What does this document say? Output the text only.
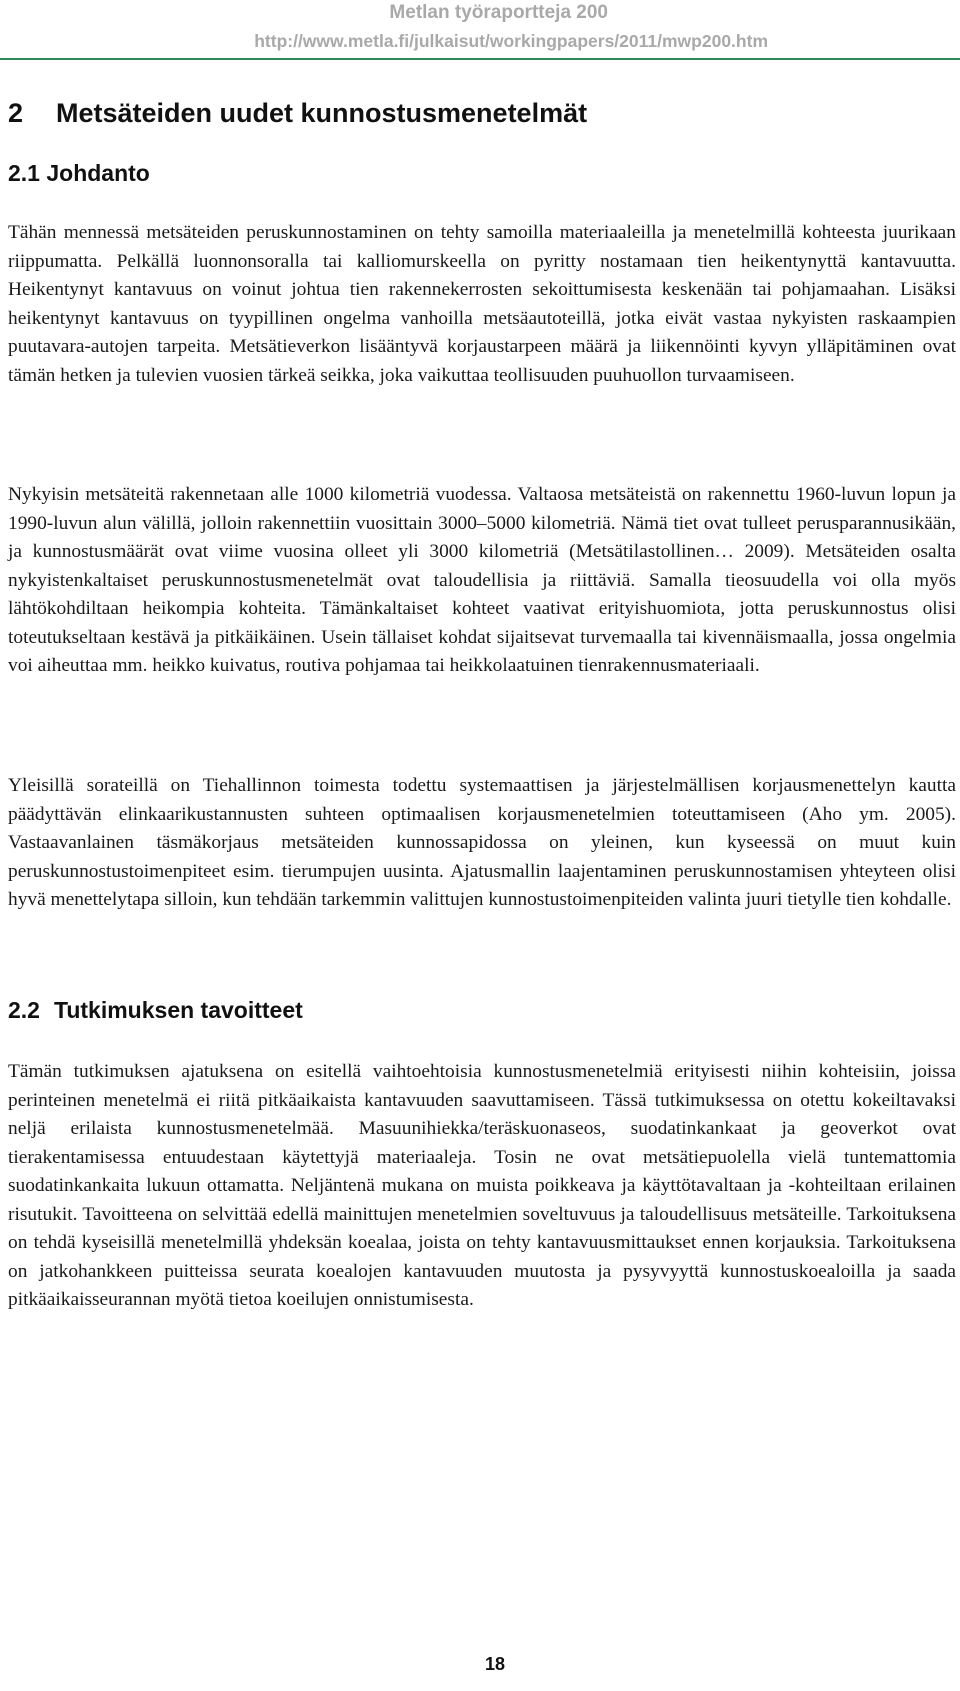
Metlan työraportteja 200
http://www.metla.fi/julkaisut/workingpapers/2011/mwp200.htm
2 Metsäteiden uudet kunnostusmenetelmät
2.1 Johdanto

Tähän mennessä metsäteiden peruskunnostaminen on tehty samoilla materiaaleilla ja menetelmillä kohteesta juurikaan riippumatta. Pelkällä luonnonsoralla tai kalliomurskeella on pyritty nostamaan tien heikentynyttä kantavuutta. Heikentynyt kantavuus on voinut johtua tien rakennekerrosten sekoittumisesta keskenään tai pohjamaahan. Lisäksi heikentynyt kantavuus on tyypillinen ongelma vanhoilla metsäautoteillä, jotka eivät vastaa nykyisten raskaampien puutavara-autojen tarpeita. Metsätieverkon lisääntyvä korjaustarpeen määrä ja liikennöinti kyvyn ylläpitäminen ovat tämän hetken ja tulevien vuosien tärkeä seikka, joka vaikuttaa teollisuuden puuhuollon turvaamiseen.

Nykyisin metsäteitä rakennetaan alle 1000 kilometriä vuodessa. Valtaosa metsäteistä on rakennettu 1960-luvun lopun ja 1990-luvun alun välillä, jolloin rakennettiin vuosittain 3000–5000 kilometriä. Nämä tiet ovat tulleet perusparannusikään, ja kunnostusmäärät ovat viime vuosina olleet yli 3000 kilometriä (Metsätilastollinen… 2009). Metsäteiden osalta nykyistenkaltaiset peruskunnostusmenetelmät ovat taloudellisia ja riittäviä. Samalla tieosuudella voi olla myös lähtökohdiltaan heikompia kohteita. Tämänkaltaiset kohteet vaativat erityishuomiota, jotta peruskunnostus olisi toteutukseltaan kestävä ja pitkäikäinen. Usein tällaiset kohdat sijaitsevat turvemaalla tai kivennäismaalla, jossa ongelmia voi aiheuttaa mm. heikko kuivatus, routiva pohjamaa tai heikkolaatuinen tienrakennusmateriaali.

Yleisillä sorateillä on Tiehallinnon toimesta todettu systemaattisen ja järjestelmällisen korjausmenettelyn kautta päädyttävän elinkaarikustannusten suhteen optimaalisen korjausmenetelmien toteuttamiseen (Aho ym. 2005). Vastaavanlainen täsmäkorjaus metsäteiden kunnossapidossa on yleinen, kun kyseessä on muut kuin peruskunnostustoimenpiteet esim. tierumpujen uusinta. Ajatusmallin laajentaminen peruskunnostamisen yhteyteen olisi hyvä menettelytapa silloin, kun tehdään tarkemmin valittujen kunnostustoimenpiteiden valinta juuri tietylle tien kohdalle.

2.2 Tutkimuksen tavoitteet

Tämän tutkimuksen ajatuksena on esitellä vaihtoehtoisia kunnostusmenetelmiä erityisesti niihin kohteisiin, joissa perinteinen menetelmä ei riitä pitkäaikaista kantavuuden saavuttamiseen. Tässä tutkimuksessa on otettu kokeiltavaksi neljä erilaista kunnostusmenetelmää. Masuunihiekka/teräskuonaseos, suodatinkankaat ja geoverkot ovat tierakentamisessa entuudestaan käytettyjä materiaaleja. Tosin ne ovat metsätiepuolella vielä tuntemattomia suodatinkankaita lukuun ottamatta. Neljäntenä mukana on muista poikkeava ja käyttötavaltaan ja -kohteiltaan erilainen risutukit. Tavoitteena on selvittää edellä mainittujen menetelmien soveltuvuus ja taloudellisuus metsäteille. Tarkoituksena on tehdä kyseisillä menetelmillä yhdeksän koealaa, joista on tehty kantavuusmittaukset ennen korjauksia. Tarkoituksena on jatkohankkeen puitteissa seurata koealojen kantavuuden muutosta ja pysyvyyttä kunnostuskoealoilla ja saada pitkäaikaisseurannan myötä tietoa koeilujen onnistumisesta.

18
